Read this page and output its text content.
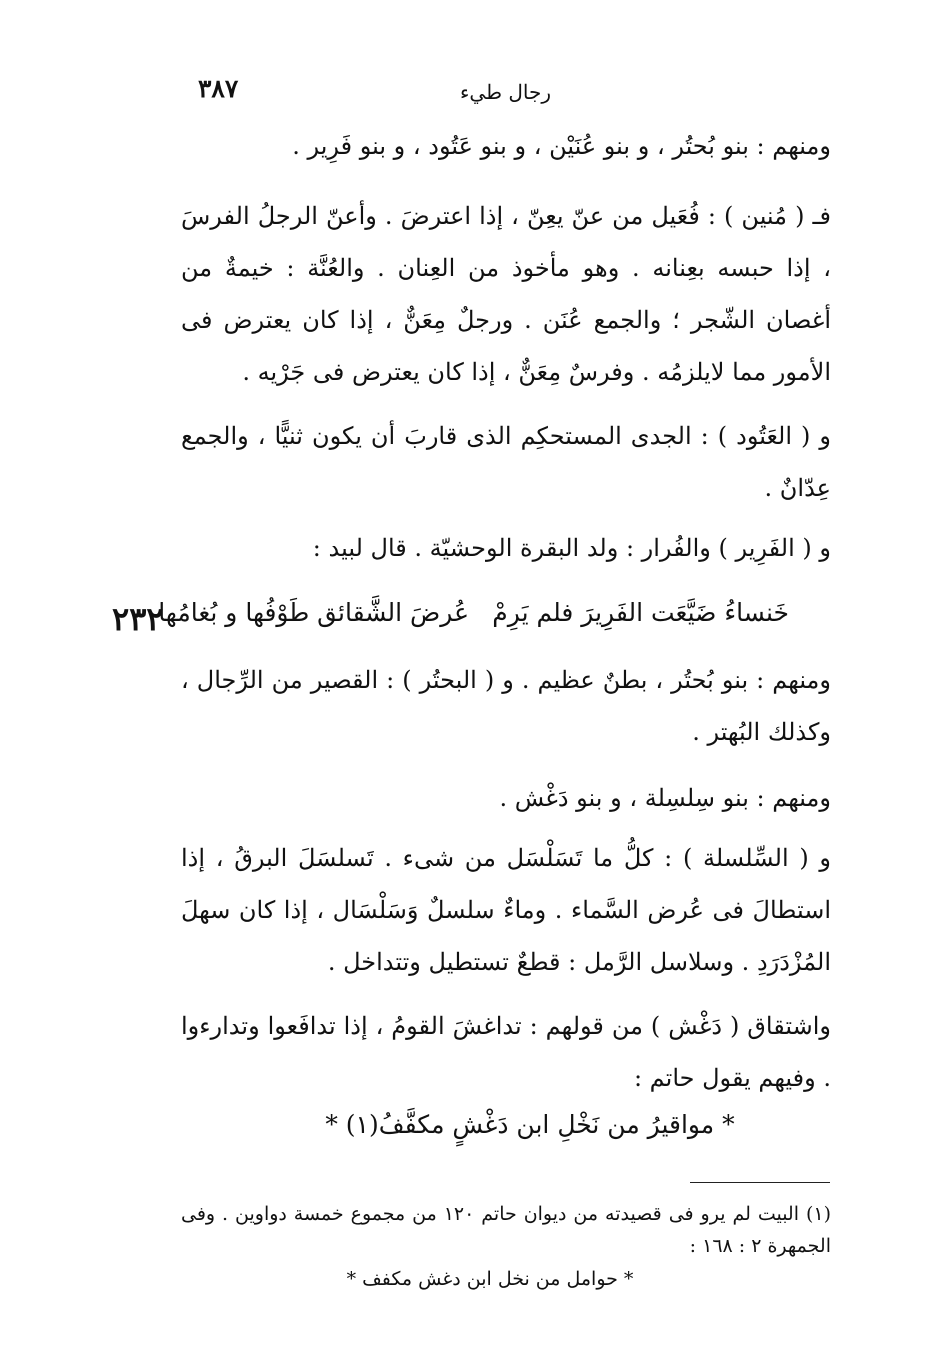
٣٨٧	رجال طيء

ومنهم : بنو بُحتُر ، و بنو عُنَيْن ، و بنو عَتُود ، و بنو فَرِير .

فـ ( مُنين ) : فُعَيل من عنّ يعِنّ ، إذا اعترضَ . وأعنّ الرجلُ الفرسَ ، إذا حبسه بعِنانه . وهو مأخوذ من العِنان . والعُنَّة : خيمةٌ من أغصان الشّجر ؛ والجمع عُنَن . ورجلٌ مِعَنٌّ ، إذا كان يعترض فى الأمور مما لايلزمُه . وفرسٌ مِعَنٌّ ، إذا كان يعترض فى جَرْيه .

و ( العَتُود ) : الجدى المستحكِم الذى قاربَ أن يكون ثنيًّا ، والجمع عِدّانٌ .

و ( الفَرِير ) والفُرار : ولد البقرة الوحشيّة . قال لبيد :

خَنساءُ ضَيَّعَت الفَرِيرَ فلم يَرِمْ
عُرضَ الشَّقائق طَوْفُها و بُغامُها
٢٣٢

ومنهم : بنو بُحتُر ، بطنٌ عظيم . و ( البحتُر ) : القصير من الرِّجال ، وكذلك البُهتر .

ومنهم : بنو سِلسِلة ، و بنو دَغْش .

و ( السِّلسلة ) : كلُّ ما تَسَلْسَل من شىء . تَسلسَلَ البرقُ ، إذا استطالَ فى عُرض السَّماء . وماءٌ سلسلٌ وَسَلْسَال ، إذا كان سهلَ المُزْدَرَدِ . وسلاسل الرَّمل : قطعٌ تستطيل وتتداخل .

واشتقاق ( دَغْش ) من قولهم : تداغشَ القومُ ، إذا تدافَعوا وتدارءوا . وفيهم يقول حاتم :

* مواقيرُ من نَخْلِ ابن دَغْشٍ مكفَّفُ(١) *

(١) البيت لم يرو فى قصيدته من ديوان حاتم ١٢٠ من مجموع خمسة دواوين . وفى الجمهرة ٢ : ١٦٨ :

* حوامل من نخل ابن دغش مكفف *
